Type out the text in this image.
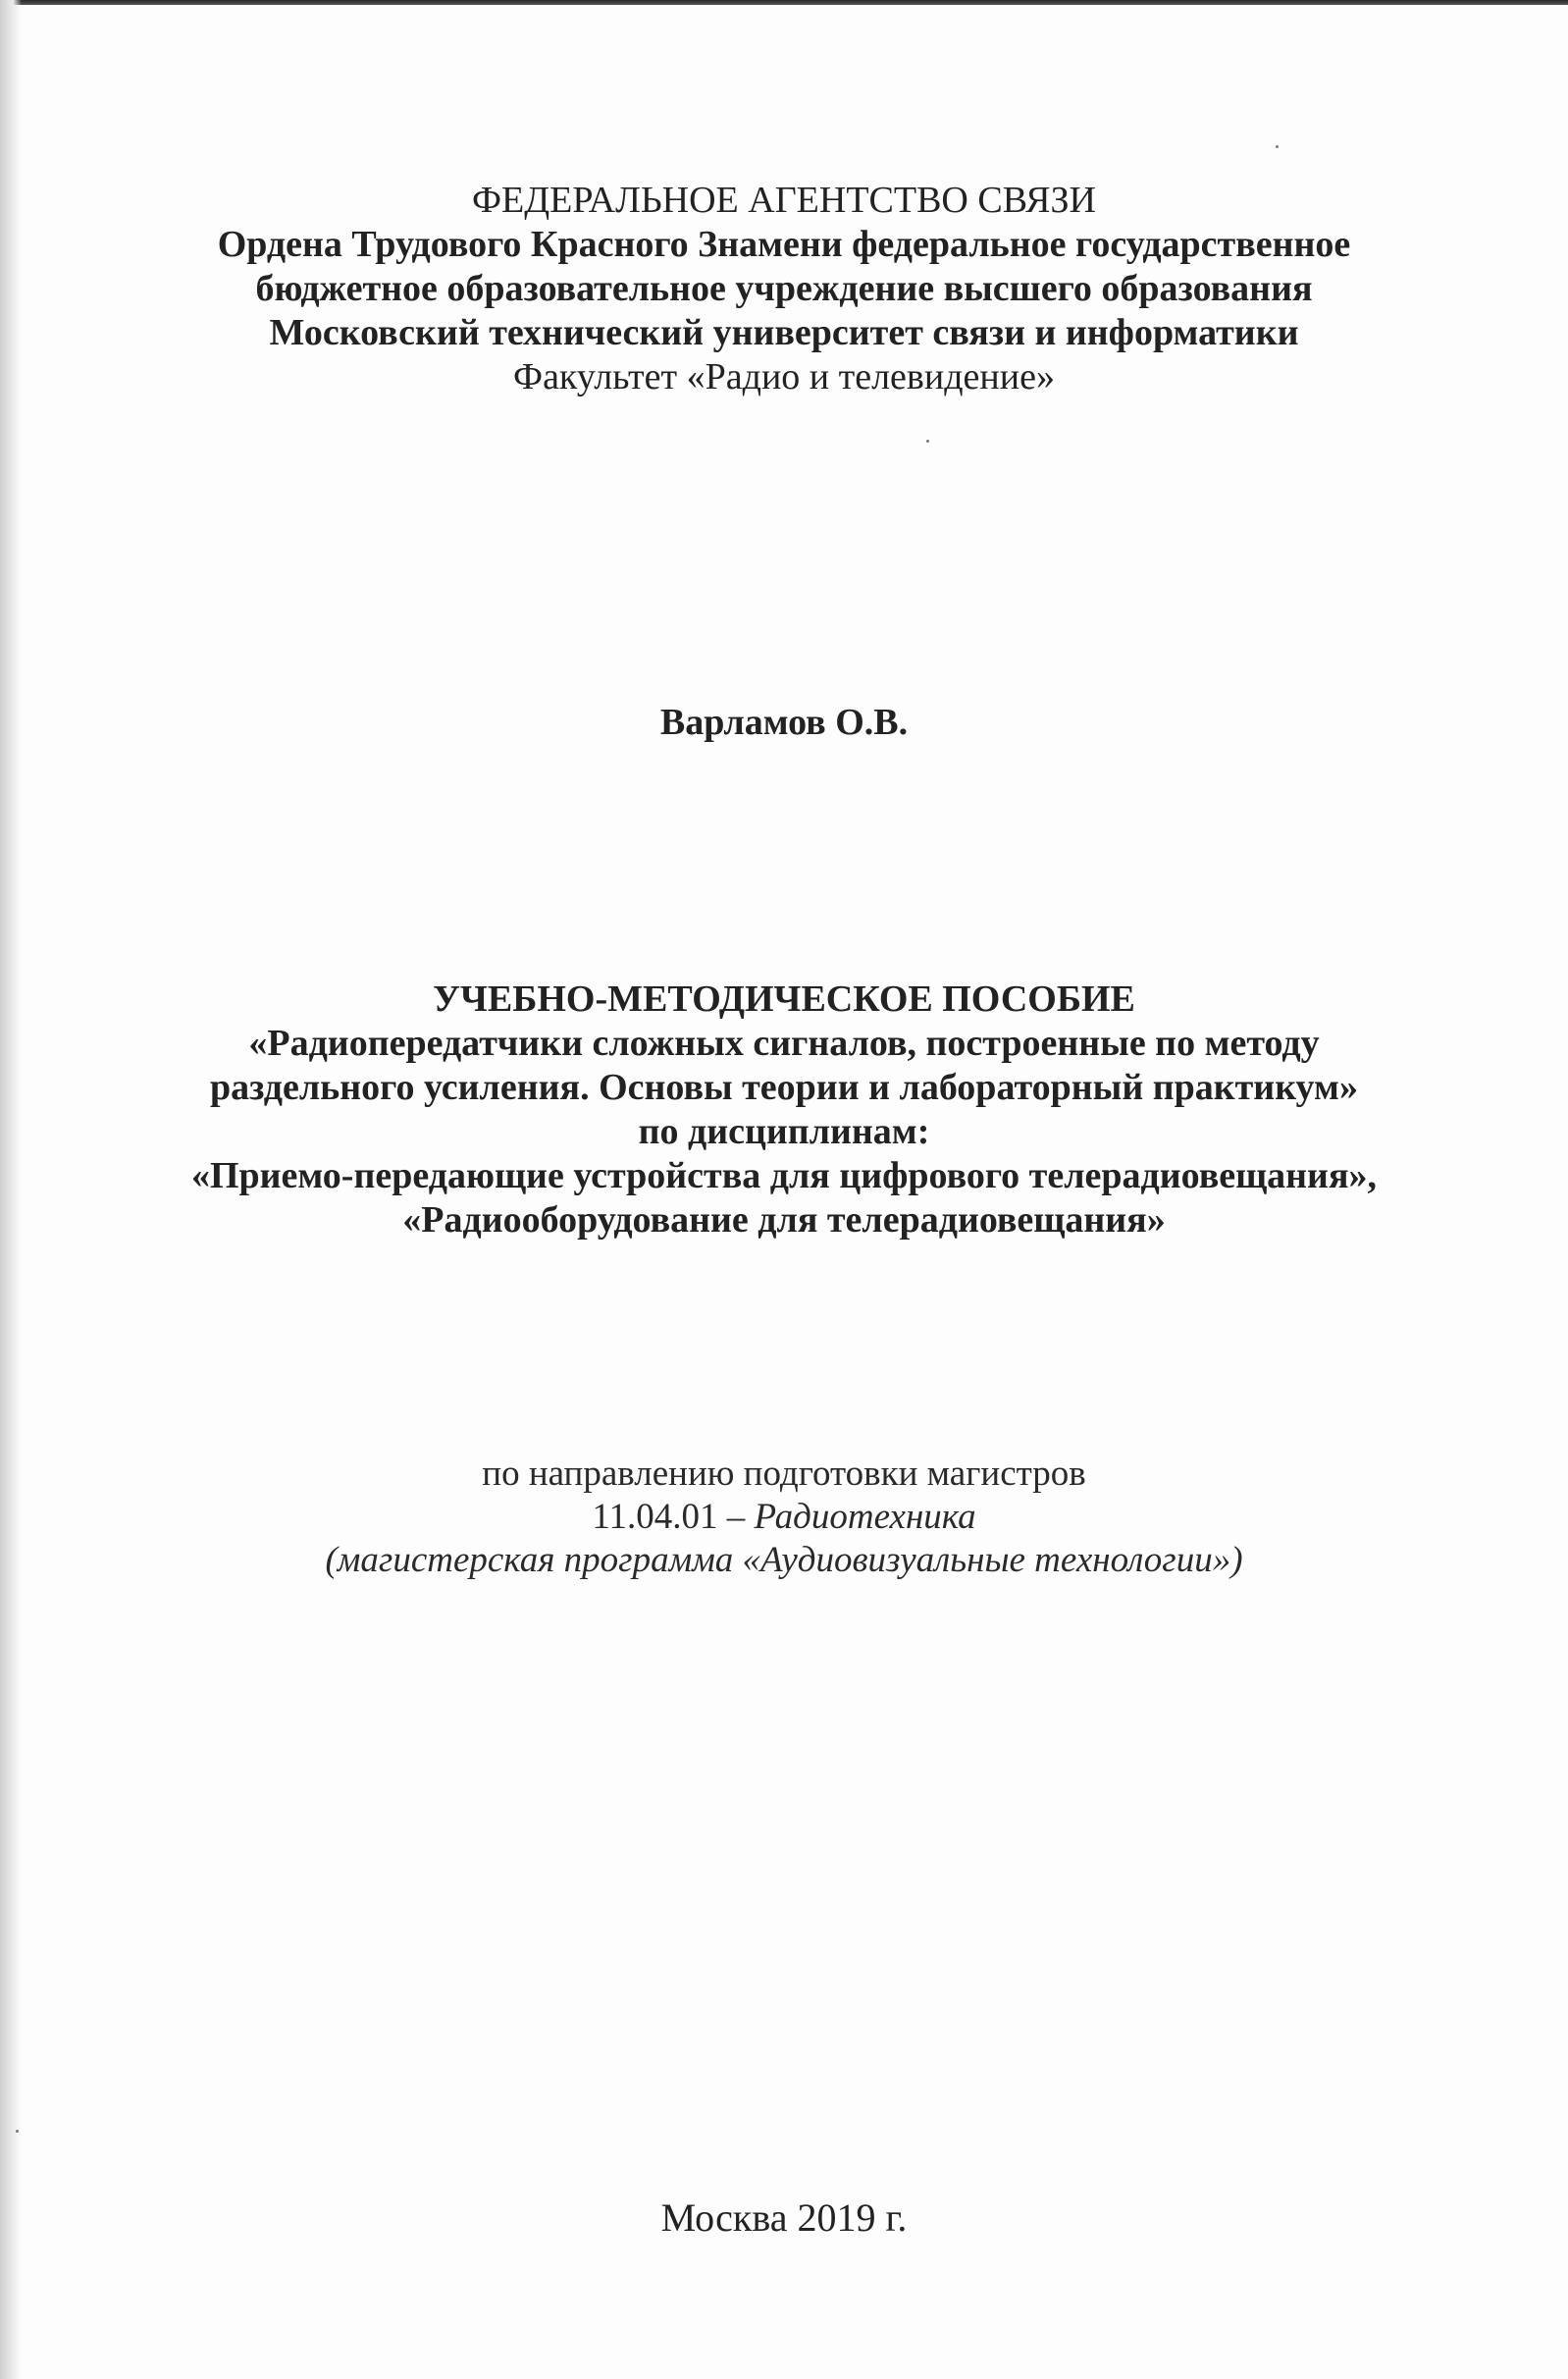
ФЕДЕРАЛЬНОЕ АГЕНТСТВО СВЯЗИ
Ордена Трудового Красного Знамени федеральное государственное
бюджетное образовательное учреждение высшего образования
Московский технический университет связи и информатики
Факультет «Радио и телевидение»
Варламов О.В.
УЧЕБНО-МЕТОДИЧЕСКОЕ ПОСОБИЕ
«Радиопередатчики сложных сигналов, построенные по методу
раздельного усиления. Основы теории и лабораторный практикум»
по дисциплинам:
«Приемо-передающие устройства для цифрового телерадиовещания»,
«Радиооборудование для телерадиовещания»
по направлению подготовки магистров
11.04.01 – Радиотехника
(магистерская программа «Аудиовизуальные технологии»)
Москва 2019 г.
